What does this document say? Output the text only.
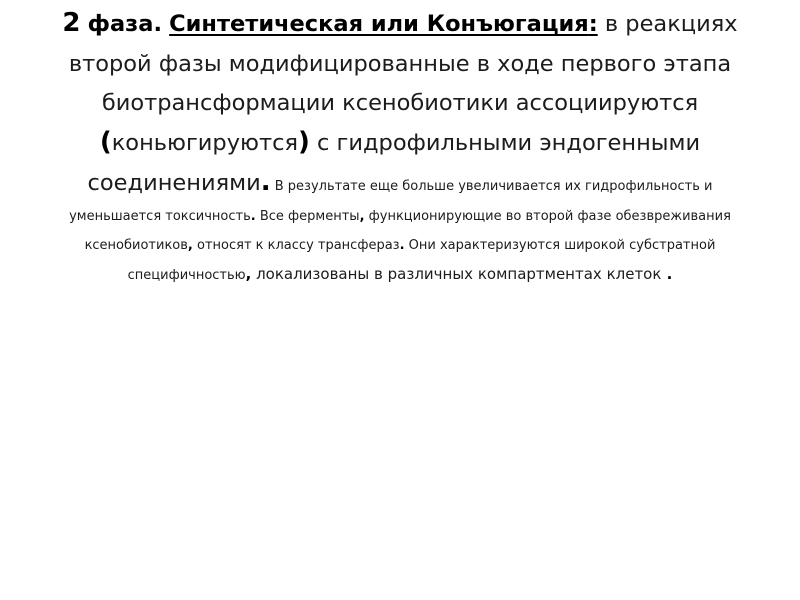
2 фаза. Синтетическая или Конъюгация: в реакциях
второй фазы модифицированные в ходе первого этапа
биотрансформации ксенобиотики ассоциируются
(коньюгируются) с гидрофильными эндогенными
соединениями. В результате еще больше увеличивается их гидрофильность и
уменьшается токсичность. Все ферменты, функционирующие во второй фазе обезвреживания
ксенобиотиков, относят к классу трансфераз. Они характеризуются широкой субстратной
специфичностью, локализованы в различных компартментах клеток .
